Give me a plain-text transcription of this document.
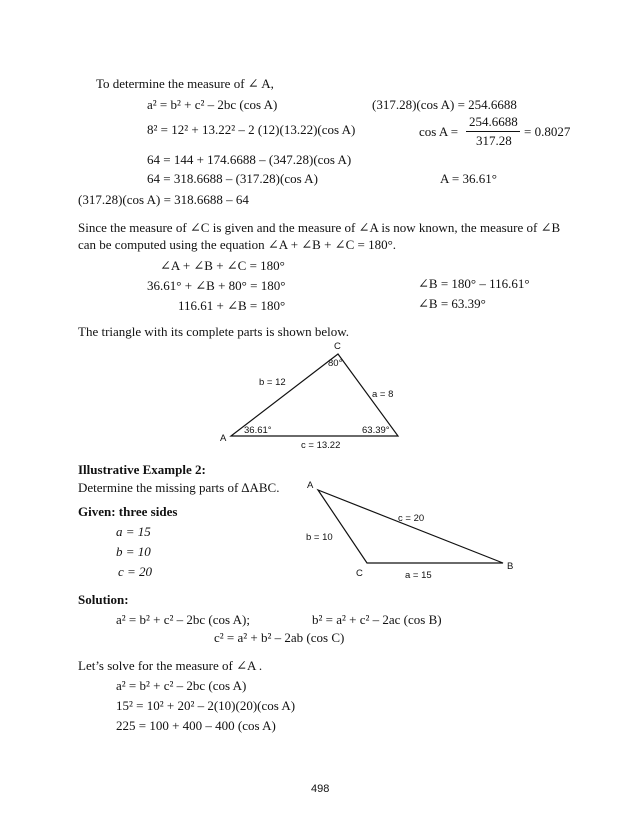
To determine the measure of ∠ A,
a² = b² + c² – 2bc (cos A)
8² = 12² + 13.22² – 2 (12)(13.22)(cos A)
64 = 144 + 174.6688 – (347.28)(cos A)
64 = 318.6688 – (317.28)(cos A)
(317.28)(cos A) = 318.6688 – 64
(317.28)(cos A) = 254.6688
cos A =
254.6688
317.28
= 0.8027
A = 36.61°
Since the measure of ∠C is given and the measure of ∠A is now known, the measure of ∠B
can be computed using the equation ∠A + ∠B + ∠C = 180°.
∠A + ∠B + ∠C = 180°
36.61° + ∠B + 80° = 180°
116.61 + ∠B = 180°
∠B = 180° – 116.61°
∠B = 63.39°
The triangle with its complete parts is shown below.
Illustrative Example 2:
Determine the missing parts of ∆ABC.
Given: three sides
a = 15
b = 10
c = 20
Solution:
a² = b² + c² – 2bc (cos A);	b² = a² + c² – 2ac (cos B)
c² = a² + b² – 2ab (cos C)
Let’s solve for the measure of ∠A .
a² = b² + c² – 2bc (cos A)
15² = 10² + 20² – 2(10)(20)(cos A)
225 = 100 + 400 – 400 (cos A)
498
A
C
80°
36.61°	63.39°
b = 12
a = 8
c = 13.22
A
B
C
c = 20
b = 10
a = 15
